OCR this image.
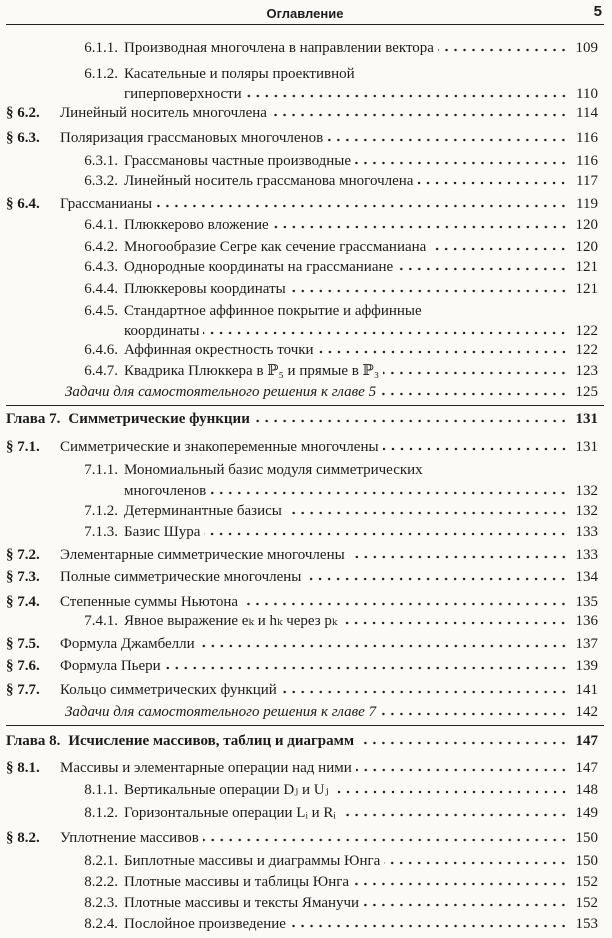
Оглавление	5
6.1.1. Производная многочлена в направлении вектора	109
6.1.2. Касательные и поляры проективной
гиперповерхности	110
§ 6.2.	Линейный носитель многочлена	114
§ 6.3.	Поляризация грассмановых многочленов	116
6.3.1. Грассмановы частные производные	116
6.3.2. Линейный носитель грассманова многочлена	117
§ 6.4.	Грассманианы	119
6.4.1. Плюккерово вложение	120
6.4.2. Многообразие Сегре как сечение грассманиана	120
6.4.3. Однородные координаты на грассманиане	121
6.4.4. Плюккеровы координаты	121
6.4.5. Стандартное аффинное покрытие и аффинные
координаты	122
6.4.6. Аффинная окрестность точки	122
6.4.7. Квадрика Плюккера в ℙ₅ и прямые в ℙ₃	123
Задачи для самостоятельного решения к главе 5	125
Глава 7. Симметрические функции	131
§ 7.1.	Симметрические и знакопеременные многочлены	131
7.1.1. Мономиальный базис модуля симметрических
многочленов	132
7.1.2. Детерминантные базисы	132
7.1.3. Базис Шура	133
§ 7.2.	Элементарные симметрические многочлены	133
§ 7.3.	Полные симметрические многочлены	134
§ 7.4.	Степенные суммы Ньютона	135
7.4.1. Явное выражение eₖ и hₖ через pₖ	136
§ 7.5.	Формула Джамбелли	137
§ 7.6.	Формула Пьери	139
§ 7.7.	Кольцо симметрических функций	141
Задачи для самостоятельного решения к главе 7	142
Глава 8. Исчисление массивов, таблиц и диаграмм	147
§ 8.1.	Массивы и элементарные операции над ними	147
8.1.1. Вертикальные операции Dⱼ и Uⱼ	148
8.1.2. Горизонтальные операции Lᵢ и Rᵢ	149
§ 8.2.	Уплотнение массивов	150
8.2.1. Биплотные массивы и диаграммы Юнга	150
8.2.2. Плотные массивы и таблицы Юнга	152
8.2.3. Плотные массивы и тексты Яманучи	152
8.2.4. Послойное произведение	153
